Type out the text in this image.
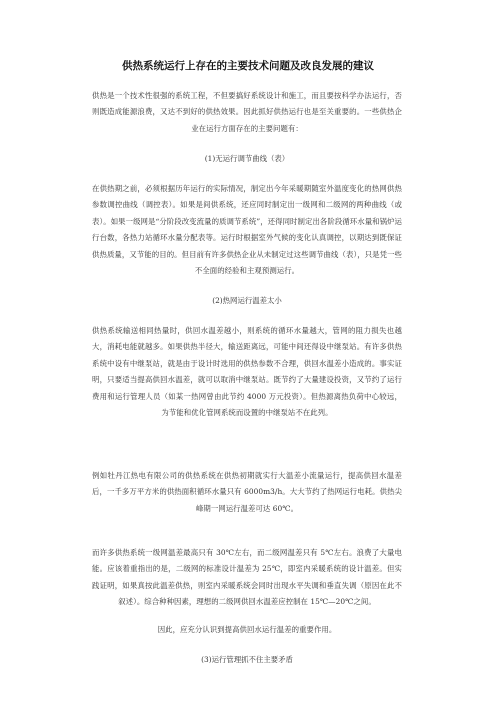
供热系统运行上存在的主要技术问题及改良发展的建议
供热是一个技术性很强的系统工程，不但要搞好系统设计和施工，而且要按科学办法运行，否则既造成能源浪费，又达不到好的供热效果。因此抓好供热运行也是至关重要的。一些供热企业在运行方面存在的主要问题有：
(1)无运行调节曲线（表）
在供热期之前，必须根据历年运行的实际情况，制定出今年采暖期随室外温度变化的热网供热参数调控曲线（调控表）。如果是间供系统，还应同时制定出一级网和二级网的两种曲线（或表）。如果一级网是“分阶段改变流量的质调节系统”，还得同时制定出各阶段循环水量和锅炉运行台数，各热力站循环水量分配表等。运行时根据室外气候的变化认真调控，以期达到既保证供热质量，又节能的目的。但目前有许多供热企业从未制定过这些调节曲线（表），只是凭一些不全面的经验和主观预测运行。
(2)热网运行温差太小
供热系统输送相同热量时，供回水温差越小，则系统的循环水量越大，管网的阻力损失也越大，消耗电能就越多。如果供热半径大，输送距离远，可能中间还得设中继泵站。有许多供热系统中设有中继泵站，就是由于设计时选用的供热参数不合理，供回水温差小造成的。事实证明，只要适当提高供回水温差，就可以取消中继泵站。既节约了大量建设投资，又节约了运行费用和运行管理人员（如某一热网曾由此节约 4000 万元投资）。但热源离热负荷中心较远，为节能和优化管网系统而设置的中继泵站不在此列。
例如牡丹江热电有限公司的供热系统在供热初期就实行大温差小流量运行，提高供回水温差后，一千多万平方米的供热面积循环水量只有 6000m3/h。大大节约了热网运行电耗。供热尖峰期一网运行温差可达 60℃。
而许多供热系统一级网温差最高只有 30℃左右，而二级网温差只有 5℃左右。浪费了大量电能。应该着重指出的是，二级网的标准设计温差为 25℃，即室内采暖系统的设计温差。但实践证明，如果真按此温差供热，则室内采暖系统会同时出现水平失调和垂直失调（原因在此不叙述）。综合种种因素，理想的二级网供回水温差应控制在 15℃—20℃之间。
因此，应充分认识到提高供回水运行温差的重要作用。
(3)运行管理抓不住主要矛盾
